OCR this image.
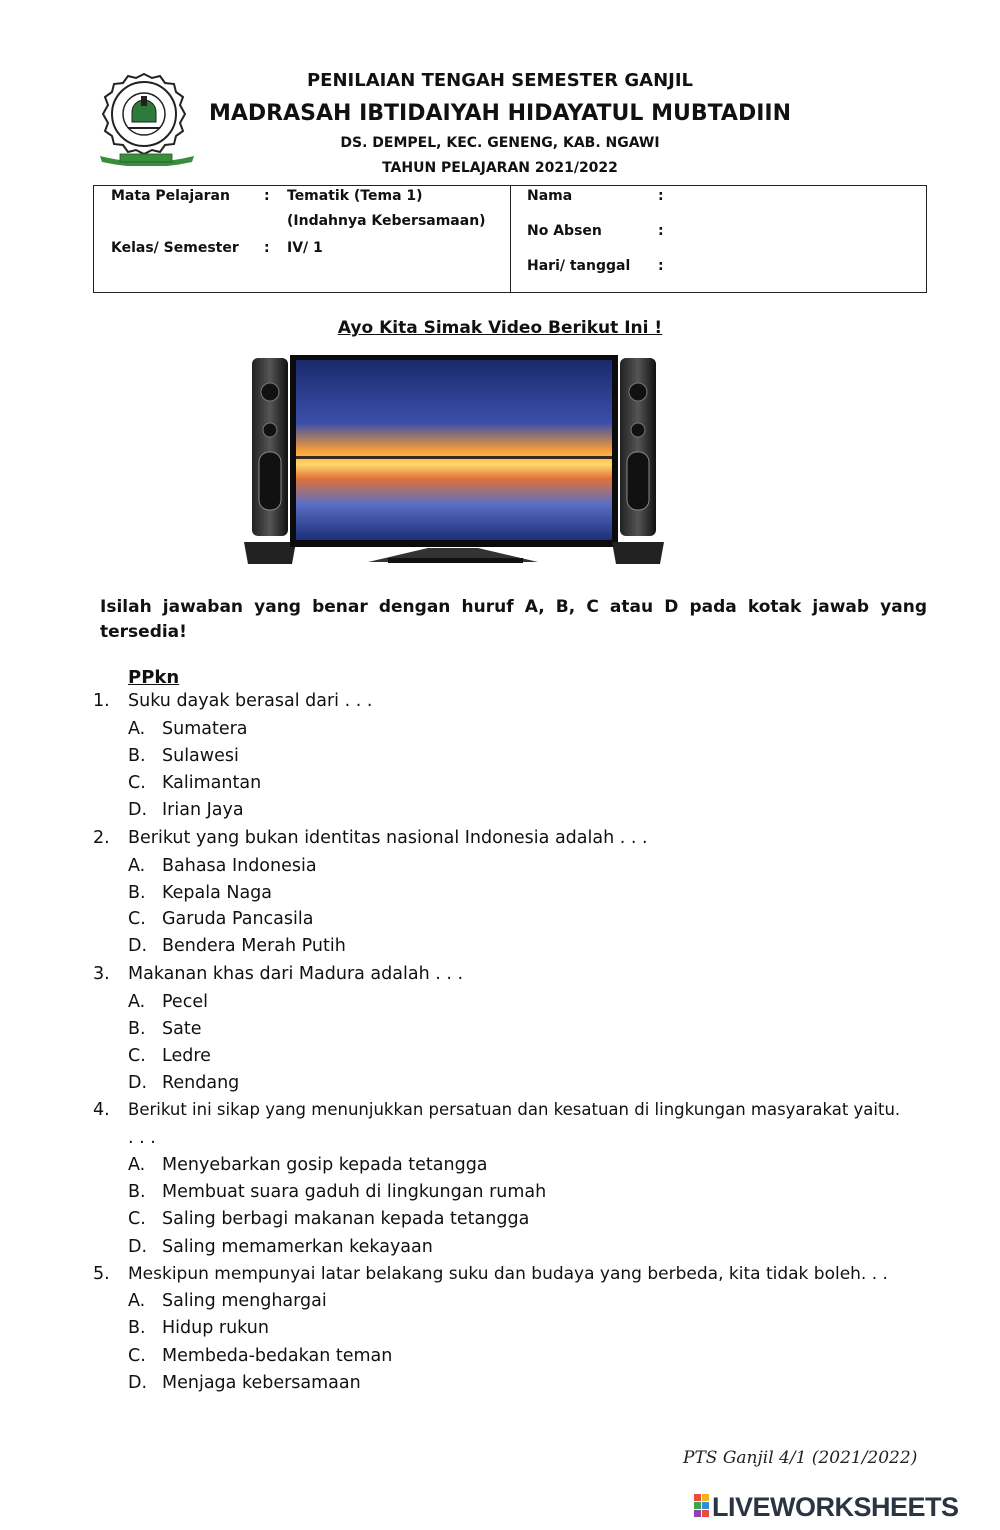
PENILAIAN TENGAH SEMESTER GANJIL
MADRASAH IBTIDAIYAH HIDAYATUL MUBTADIIN
DS. DEMPEL, KEC. GENENG, KAB. NGAWI
TAHUN PELAJARAN 2021/2022
Mata Pelajaran : Tematik (Tema 1)
(Indahnya Kebersamaan)
Kelas/ Semester : IV/ 1
Nama	:
No Absen	:
Hari/ tanggal :
Ayo Kita Simak Video Berikut Ini !
Isilah jawaban yang benar dengan huruf A, B, C atau D pada kotak jawab yang tersedia!
PPkn
1. Suku dayak berasal dari . . .
A. Sumatera
B. Sulawesi
C. Kalimantan
D. Irian Jaya
2. Berikut yang bukan identitas nasional Indonesia adalah . . .
A. Bahasa Indonesia
B. Kepala Naga
C. Garuda Pancasila
D. Bendera Merah Putih
3. Makanan khas dari Madura adalah . . .
A. Pecel
B. Sate
C. Ledre
D. Rendang
4. Berikut ini sikap yang menunjukkan persatuan dan kesatuan di lingkungan masyarakat yaitu.
. . .
A. Menyebarkan gosip kepada tetangga
B. Membuat suara gaduh di lingkungan rumah
C. Saling berbagi makanan kepada tetangga
D. Saling memamerkan kekayaan
5. Meskipun mempunyai latar belakang suku dan budaya yang berbeda, kita tidak boleh. . .
A. Saling menghargai
B. Hidup rukun
C. Membeda-bedakan teman
D. Menjaga kebersamaan
PTS Ganjil 4/1 (2021/2022)
LIVEWORKSHEETS
